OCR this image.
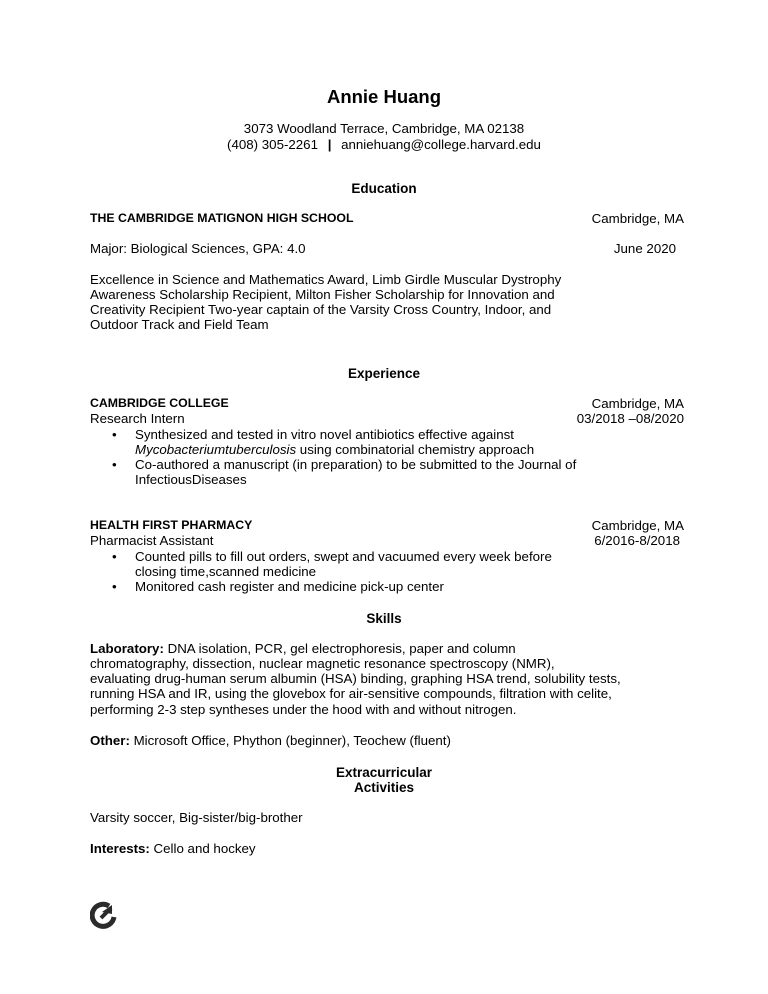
Annie Huang
3073 Woodland Terrace, Cambridge, MA 02138
(408) 305-2261 | anniehuang@college.harvard.edu
Education
THE CAMBRIDGE MATIGNON HIGH SCHOOL	Cambridge, MA
Major: Biological Sciences, GPA: 4.0	June 2020
Excellence in Science and Mathematics Award, Limb Girdle Muscular Dystrophy
Awareness Scholarship Recipient, Milton Fisher Scholarship for Innovation and
Creativity Recipient Two-year captain of the Varsity Cross Country, Indoor, and
Outdoor Track and Field Team
Experience
CAMBRIDGE COLLEGE	Cambridge, MA
Research Intern	03/2018 –08/2020
• Synthesized and tested in vitro novel antibiotics effective against
Mycobacteriumtuberculosis using combinatorial chemistry approach
• Co-authored a manuscript (in preparation) to be submitted to the Journal of
InfectiousDiseases
HEALTH FIRST PHARMACY	Cambridge, MA
Pharmacist Assistant	6/2016-8/2018
• Counted pills to fill out orders, swept and vacuumed every week before
closing time,scanned medicine
• Monitored cash register and medicine pick-up center
Skills
Laboratory: DNA isolation, PCR, gel electrophoresis, paper and column
chromatography, dissection, nuclear magnetic resonance spectroscopy (NMR),
evaluating drug-human serum albumin (HSA) binding, graphing HSA trend, solubility tests,
running HSA and IR, using the glovebox for air-sensitive compounds, filtration with celite,
performing 2-3 step syntheses under the hood with and without nitrogen.
Other: Microsoft Office, Phython (beginner), Teochew (fluent)
Extracurricular
Activities
Varsity soccer, Big-sister/big-brother
Interests: Cello and hockey
